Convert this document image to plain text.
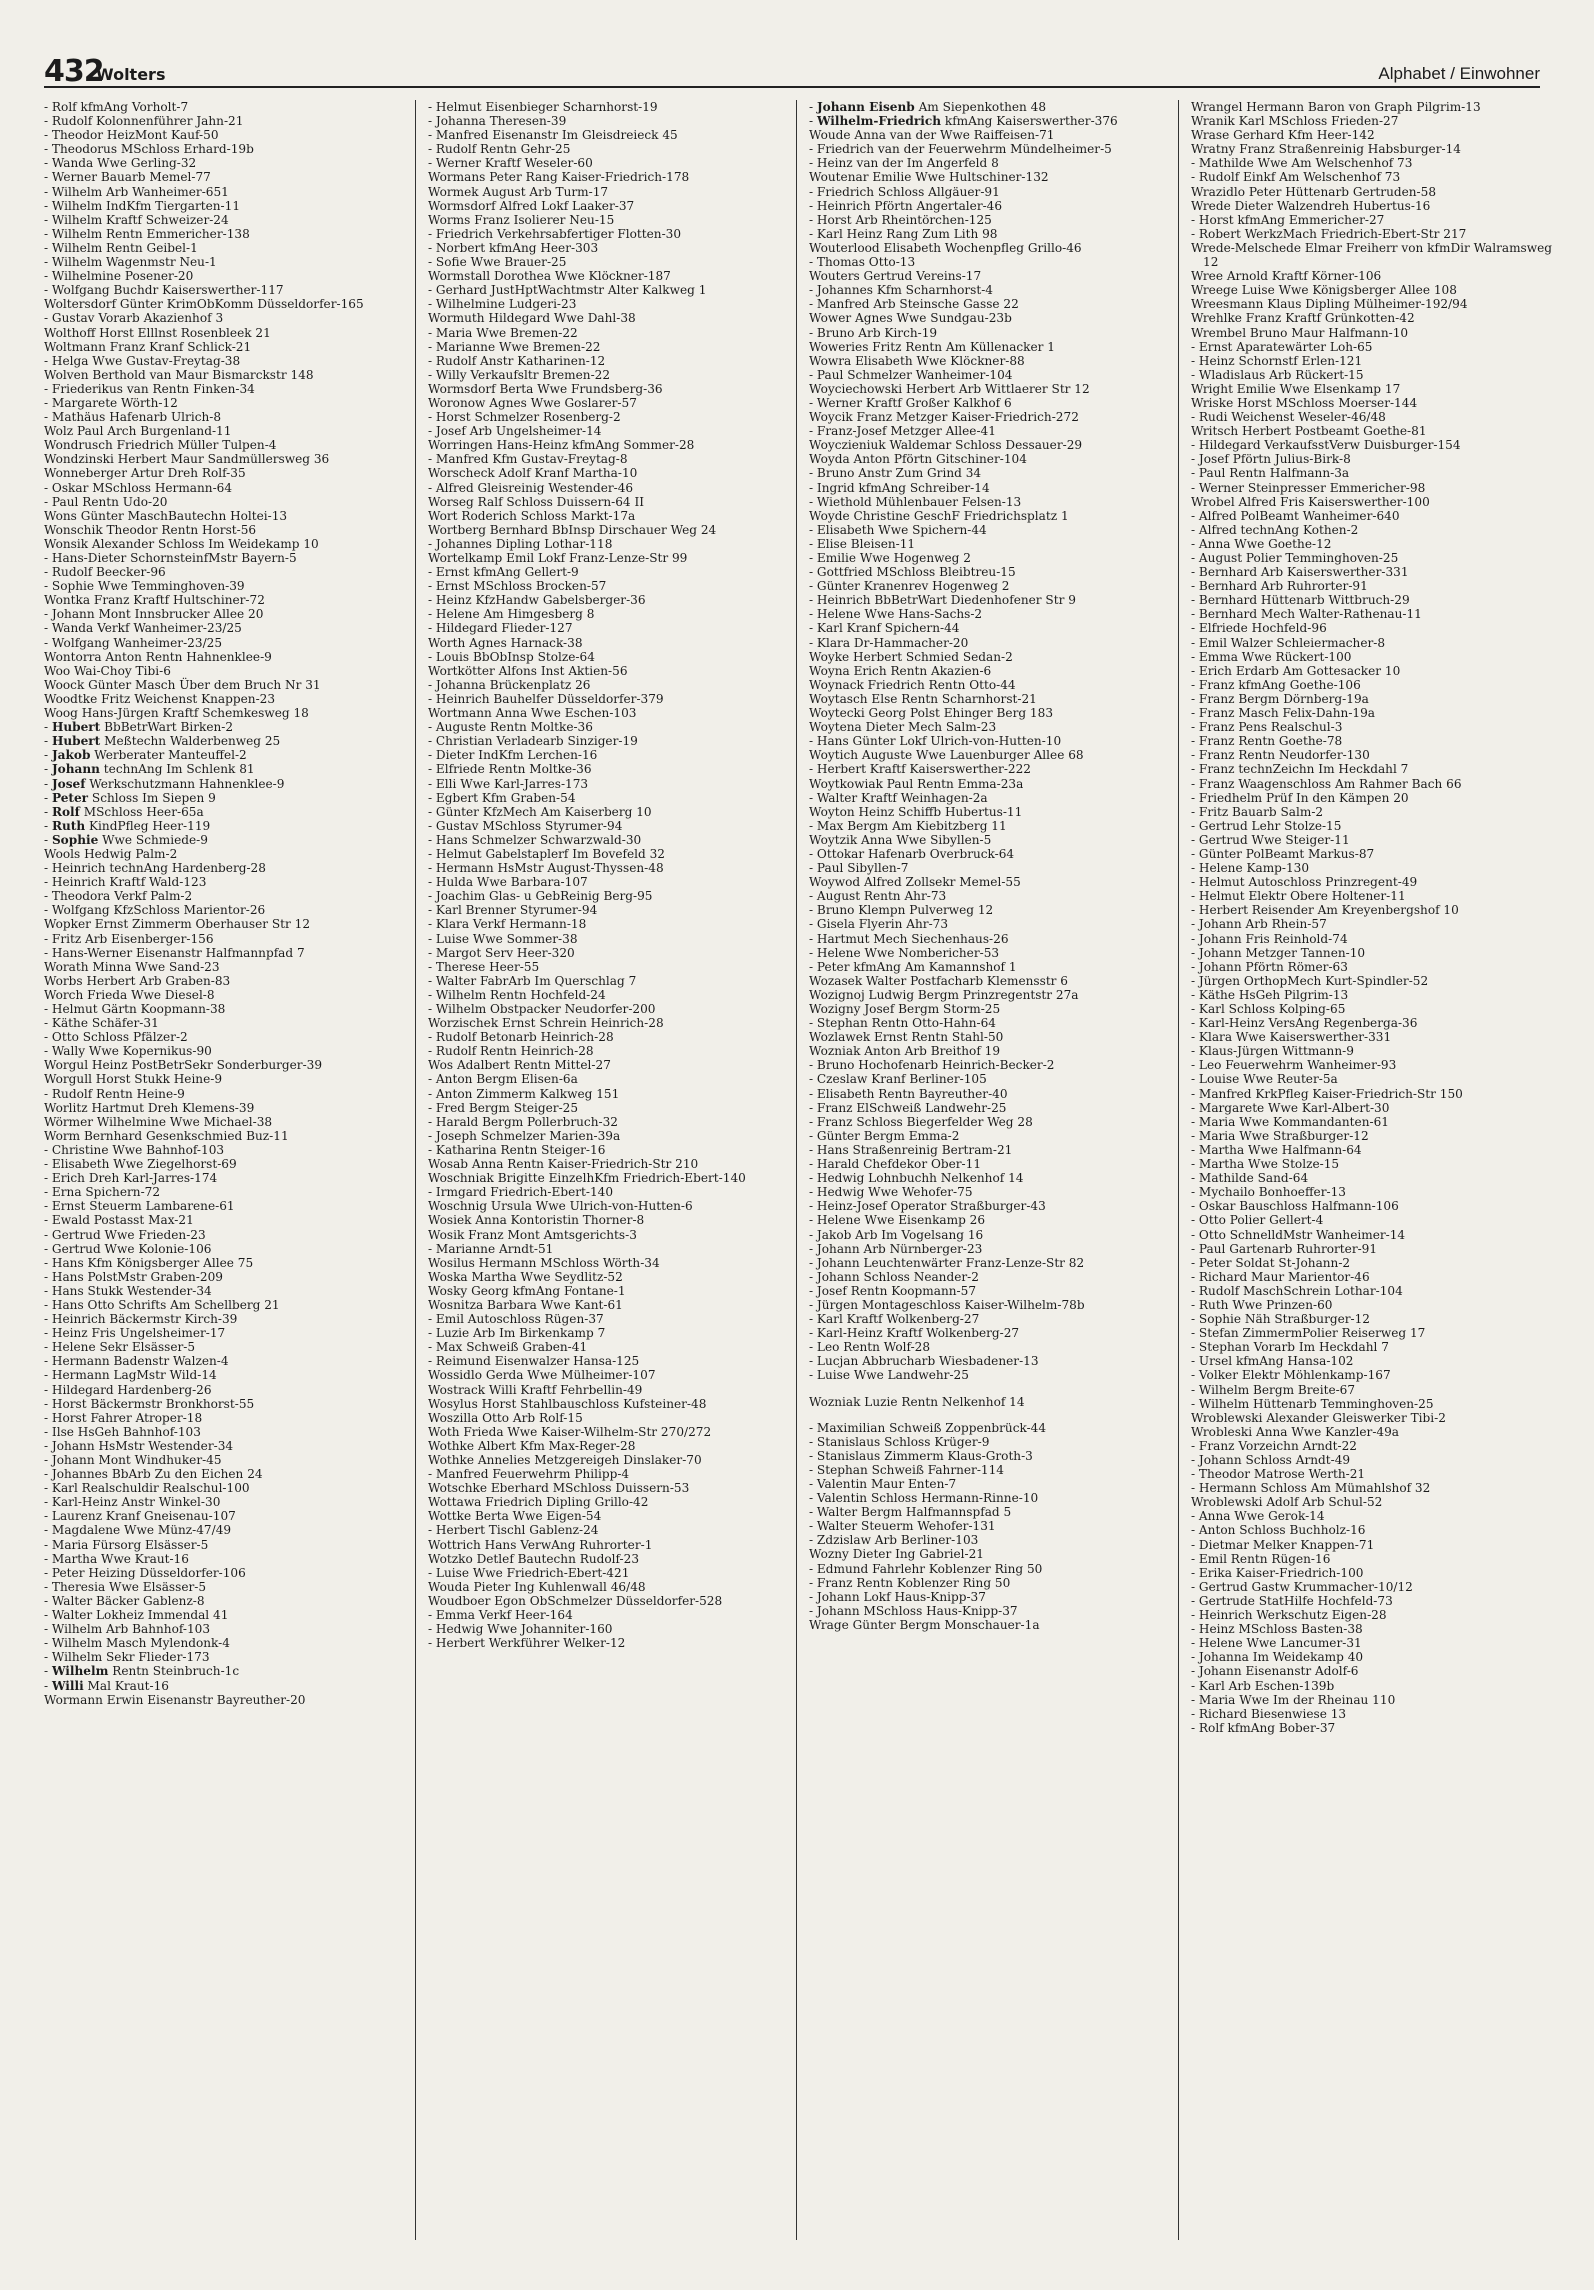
432
Wolters	Alphabet / Einwohner

- Rolf kfmAng Vorholt-7

- Rudolf Kolonnenführer Jahn-21

- Theodor HeizMont Kauf-50

- Theodorus MSchloss Erhard-19b

- Wanda Wwe Gerling-32

- Werner Bauarb Memel-77

- Wilhelm Arb Wanheimer-651

- Wilhelm IndKfm Tiergarten-11

- Wilhelm Kraftf Schweizer-24

- Wilhelm Rentn Emmericher-138

- Wilhelm Rentn Geibel-1

- Wilhelm Wagenmstr Neu-1

- Wilhelmine Posener-20

- Wolfgang Buchdr Kaiserswerther-117

Woltersdorf Günter KrimObKomm Düsseldorfer-165

- Gustav Vorarb Akazienhof 3

Wolthoff Horst Elllnst Rosenbleek 21

Woltmann Franz Kranf Schlick-21

- Helga Wwe Gustav-Freytag-38

Wolven Berthold van Maur Bismarckstr 148

- Friederikus van Rentn Finken-34

- Margarete Wörth-12

- Mathäus Hafenarb Ulrich-8

Wolz Paul Arch Burgenland-11

Wondrusch Friedrich Müller Tulpen-4

Wondzinski Herbert Maur Sandmüllersweg 36

Wonneberger Artur Dreh Rolf-35

- Oskar MSchloss Hermann-64

- Paul Rentn Udo-20

Wons Günter MaschBautechn Holtei-13

Wonschik Theodor Rentn Horst-56

Wonsik Alexander Schloss Im Weidekamp 10

- Hans-Dieter SchornsteinfMstr Bayern-5

- Rudolf Beecker-96

- Sophie Wwe Temminghoven-39

Wontka Franz Kraftf Hultschiner-72

- Johann Mont Innsbrucker Allee 20

- Wanda Verkf Wanheimer-23/25

- Wolfgang Wanheimer-23/25

Wontorra Anton Rentn Hahnenklee-9

Woo Wai-Choy Tibi-6

Woock Günter Masch Über dem Bruch Nr 31

Woodtke Fritz Weichenst Knappen-23

Woog Hans-Jürgen Kraftf Schemkesweg 18

- Hubert BbBetrWart Birken-2

- Hubert Meßtechn Walderbenweg 25

- Jakob Werberater Manteuffel-2

- Johann technAng Im Schlenk 81

- Josef Werkschutzmann Hahnenklee-9

- Peter Schloss Im Siepen 9

- Rolf MSchloss Heer-65a

- Ruth KindPfleg Heer-119

- Sophie Wwe Schmiede-9

Wools Hedwig Palm-2

- Heinrich technAng Hardenberg-28

- Heinrich Kraftf Wald-123

- Theodora Verkf Palm-2

- Wolfgang KfzSchloss Marientor-26

Wopker Ernst Zimmerm Oberhauser Str 12

- Fritz Arb Eisenberger-156

- Hans-Werner Eisenanstr Halfmannpfad 7

Worath Minna Wwe Sand-23

Worbs Herbert Arb Graben-83

Worch Frieda Wwe Diesel-8

- Helmut Gärtn Koopmann-38

- Käthe Schäfer-31

- Otto Schloss Pfälzer-2

- Wally Wwe Kopernikus-90

Worgul Heinz PostBetrSekr Sonderburger-39

Worgull Horst Stukk Heine-9

- Rudolf Rentn Heine-9

Worlitz Hartmut Dreh Klemens-39

Wörmer Wilhelmine Wwe Michael-38

Worm Bernhard Gesenkschmied Buz-11

- Christine Wwe Bahnhof-103

- Elisabeth Wwe Ziegelhorst-69

- Erich Dreh Karl-Jarres-174

- Erna Spichern-72

- Ernst Steuerm Lambarene-61

- Ewald Postasst Max-21

- Gertrud Wwe Frieden-23

- Gertrud Wwe Kolonie-106

- Hans Kfm Königsberger Allee 75

- Hans PolstMstr Graben-209

- Hans Stukk Westender-34

- Hans Otto Schrifts Am Schellberg 21

- Heinrich Bäckermstr Kirch-39

- Heinz Fris Ungelsheimer-17

- Helene Sekr Elsässer-5

- Hermann Badenstr Walzen-4

- Hermann LagMstr Wild-14

- Hildegard Hardenberg-26

- Horst Bäckermstr Bronkhorst-55

- Horst Fahrer Atroper-18

- Ilse HsGeh Bahnhof-103

- Johann HsMstr Westender-34

- Johann Mont Windhuker-45

- Johannes BbArb Zu den Eichen 24

- Karl Realschuldir Realschul-100

- Karl-Heinz Anstr Winkel-30

- Laurenz Kranf Gneisenau-107

- Magdalene Wwe Münz-47/49

- Maria Fürsorg Elsässer-5

- Martha Wwe Kraut-16

- Peter Heizing Düsseldorfer-106

- Theresia Wwe Elsässer-5

- Walter Bäcker Gablenz-8

- Walter Lokheiz Immendal 41

- Wilhelm Arb Bahnhof-103

- Wilhelm Masch Mylendonk-4

- Wilhelm Sekr Flieder-173

- Wilhelm Rentn Steinbruch-1c

- Willi Mal Kraut-16

Wormann Erwin Eisenanstr Bayreuther-20

- Helmut Eisenbieger Scharnhorst-19

- Johanna Theresen-39

- Manfred Eisenanstr Im Gleisdreieck 45

- Rudolf Rentn Gehr-25

- Werner Kraftf Weseler-60

Wormans Peter Rang Kaiser-Friedrich-178

Wormek August Arb Turm-17

Wormsdorf Alfred Lokf Laaker-37

Worms Franz Isolierer Neu-15

- Friedrich Verkehrsabfertiger Flotten-30

- Norbert kfmAng Heer-303

- Sofie Wwe Brauer-25

Wormstall Dorothea Wwe Klöckner-187

- Gerhard JustHptWachtmstr Alter Kalkweg 1

- Wilhelmine Ludgeri-23

Wormuth Hildegard Wwe Dahl-38

- Maria Wwe Bremen-22

- Marianne Wwe Bremen-22

- Rudolf Anstr Katharinen-12

- Willy Verkaufsltr Bremen-22

Wormsdorf Berta Wwe Frundsberg-36

Woronow Agnes Wwe Goslarer-57

- Horst Schmelzer Rosenberg-2

- Josef Arb Ungelsheimer-14

Worringen Hans-Heinz kfmAng Sommer-28

- Manfred Kfm Gustav-Freytag-8

Worscheck Adolf Kranf Martha-10

- Alfred Gleisreinig Westender-46

Worseg Ralf Schloss Duissern-64 II

Wort Roderich Schloss Markt-17a

Wortberg Bernhard BbInsp Dirschauer Weg 24

- Johannes Dipling Lothar-118

Wortelkamp Emil Lokf Franz-Lenze-Str 99

- Ernst kfmAng Gellert-9

- Ernst MSchloss Brocken-57

- Heinz KfzHandw Gabelsberger-36

- Helene Am Himgesberg 8

- Hildegard Flieder-127

Worth Agnes Harnack-38

- Louis BbObInsp Stolze-64

Wortkötter Alfons Inst Aktien-56

- Johanna Brückenplatz 26

- Heinrich Bauhelfer Düsseldorfer-379

Wortmann Anna Wwe Eschen-103

- Auguste Rentn Moltke-36

- Christian Verladearb Sinziger-19

- Dieter IndKfm Lerchen-16

- Elfriede Rentn Moltke-36

- Elli Wwe Karl-Jarres-173

- Egbert Kfm Graben-54

- Günter KfzMech Am Kaiserberg 10

- Gustav MSchloss Styrumer-94

- Hans Schmelzer Schwarzwald-30

- Helmut Gabelstaplerf Im Bovefeld 32

- Hermann HsMstr August-Thyssen-48

- Hulda Wwe Barbara-107

- Joachim Glas- u GebReinig Berg-95

- Karl Brenner Styrumer-94

- Klara Verkf Hermann-18

- Luise Wwe Sommer-38

- Margot Serv Heer-320

- Therese Heer-55

- Walter FabrArb Im Querschlag 7

- Wilhelm Rentn Hochfeld-24

- Wilhelm Obstpacker Neudorfer-200

Worzischek Ernst Schrein Heinrich-28

- Rudolf Betonarb Heinrich-28

- Rudolf Rentn Heinrich-28

Wos Adalbert Rentn Mittel-27

- Anton Bergm Elisen-6a

- Anton Zimmerm Kalkweg 151

- Fred Bergm Steiger-25

- Harald Bergm Pollerbruch-32

- Joseph Schmelzer Marien-39a

- Katharina Rentn Steiger-16

Wosab Anna Rentn Kaiser-Friedrich-Str 210

Woschniak Brigitte EinzelhKfm Friedrich-Ebert-140

- Irmgard Friedrich-Ebert-140

Woschnig Ursula Wwe Ulrich-von-Hutten-6

Wosiek Anna Kontoristin Thorner-8

Wosik Franz Mont Amtsgerichts-3

- Marianne Arndt-51

Wosilus Hermann MSchloss Wörth-34

Woska Martha Wwe Seydlitz-52

Wosky Georg kfmAng Fontane-1

Wosnitza Barbara Wwe Kant-61

- Emil Autoschloss Rügen-37

- Luzie Arb Im Birkenkamp 7

- Max Schweiß Graben-41

- Reimund Eisenwalzer Hansa-125

Wossidlo Gerda Wwe Mülheimer-107

Wostrack Willi Kraftf Fehrbellin-49

Wosylus Horst Stahlbauschloss Kufsteiner-48

Woszilla Otto Arb Rolf-15

Woth Frieda Wwe Kaiser-Wilhelm-Str 270/272

Wothke Albert Kfm Max-Reger-28

Wothke Annelies Metzgereigeh Dinslaker-70

- Manfred Feuerwehrm Philipp-4

Wotschke Eberhard MSchloss Duissern-53

Wottawa Friedrich Dipling Grillo-42

Wottke Berta Wwe Eigen-54

- Herbert Tischl Gablenz-24

Wottrich Hans VerwAng Ruhrorter-1

Wotzko Detlef Bautechn Rudolf-23

- Luise Wwe Friedrich-Ebert-421

Wouda Pieter Ing Kuhlenwall 46/48

Woudboer Egon ObSchmelzer Düsseldorfer-528

- Emma Verkf Heer-164

- Hedwig Wwe Johanniter-160

- Herbert Werkführer Welker-12

- Johann Eisenb Am Siepenkothen 48

- Wilhelm-Friedrich kfmAng Kaiserswerther-376

Woude Anna van der Wwe Raiffeisen-71

- Friedrich van der Feuerwehrm Mündelheimer-5

- Heinz van der Im Angerfeld 8

Woutenar Emilie Wwe Hultschiner-132

- Friedrich Schloss Allgäuer-91

- Heinrich Pförtn Angertaler-46

- Horst Arb Rheintörchen-125

- Karl Heinz Rang Zum Lith 98

Wouterlood Elisabeth Wochenpfleg Grillo-46

- Thomas Otto-13

Wouters Gertrud Vereins-17

- Johannes Kfm Scharnhorst-4

- Manfred Arb Steinsche Gasse 22

Wower Agnes Wwe Sundgau-23b

- Bruno Arb Kirch-19

Woweries Fritz Rentn Am Küllenacker 1

Wowra Elisabeth Wwe Klöckner-88

- Paul Schmelzer Wanheimer-104

Woyciechowski Herbert Arb Wittlaerer Str 12

- Werner Kraftf Großer Kalkhof 6

Woycik Franz Metzger Kaiser-Friedrich-272

- Franz-Josef Metzger Allee-41

Woyczieniuk Waldemar Schloss Dessauer-29

Woyda Anton Pförtn Gitschiner-104

- Bruno Anstr Zum Grind 34

- Ingrid kfmAng Schreiber-14

- Wiethold Mühlenbauer Felsen-13

Woyde Christine GeschF Friedrichsplatz 1

- Elisabeth Wwe Spichern-44

- Elise Bleisen-11

- Emilie Wwe Hogenweg 2

- Gottfried MSchloss Bleibtreu-15

- Günter Kranenrev Hogenweg 2

- Heinrich BbBetrWart Diedenhofener Str 9

- Helene Wwe Hans-Sachs-2

- Karl Kranf Spichern-44

- Klara Dr-Hammacher-20

Woyke Herbert Schmied Sedan-2

Woyna Erich Rentn Akazien-6

Woynack Friedrich Rentn Otto-44

Woytasch Else Rentn Scharnhorst-21

Woytecki Georg Polst Ehinger Berg 183

Woytena Dieter Mech Salm-23

- Hans Günter Lokf Ulrich-von-Hutten-10

Woytich Auguste Wwe Lauenburger Allee 68

- Herbert Kraftf Kaiserswerther-222

Woytkowiak Paul Rentn Emma-23a

- Walter Kraftf Weinhagen-2a

Woyton Heinz Schiffb Hubertus-11

- Max Bergm Am Kiebitzberg 11

Woytzik Anna Wwe Sibyllen-5

- Ottokar Hafenarb Overbruck-64

- Paul Sibyllen-7

Woywod Alfred Zollsekr Memel-55

- August Rentn Ahr-73

- Bruno Klempn Pulverweg 12

- Gisela Flyerin Ahr-73

- Hartmut Mech Siechenhaus-26

- Helene Wwe Nombericher-53

- Peter kfmAng Am Kamannshof 1

Wozasek Walter Postfacharb Klemensstr 6

Wozignoj Ludwig Bergm Prinzregentstr 27a

Wozigny Josef Bergm Storm-25

- Stephan Rentn Otto-Hahn-64

Wozlawek Ernst Rentn Stahl-50

Wozniak Anton Arb Breithof 19

- Bruno Hochofenarb Heinrich-Becker-2

- Czeslaw Kranf Berliner-105

- Elisabeth Rentn Bayreuther-40

- Franz ElSchweiß Landwehr-25

- Franz Schloss Biegerfelder Weg 28

- Günter Bergm Emma-2

- Hans Straßenreinig Bertram-21

- Harald Chefdekor Ober-11

- Hedwig Lohnbuchh Nelkenhof 14

- Hedwig Wwe Wehofer-75

- Heinz-Josef Operator Straßburger-43

- Helene Wwe Eisenkamp 26

- Jakob Arb Im Vogelsang 16

- Johann Arb Nürnberger-23

- Johann Leuchtenwärter Franz-Lenze-Str 82

- Johann Schloss Neander-2

- Josef Rentn Koopmann-57

- Jürgen Montageschloss Kaiser-Wilhelm-78b

- Karl Kraftf Wolkenberg-27

- Karl-Heinz Kraftf Wolkenberg-27

- Leo Rentn Wolf-28

- Lucjan Abbrucharb Wiesbadener-13

- Luise Wwe Landwehr-25

Wozniak Luzie Rentn Nelkenhof 14

- Maximilian Schweiß Zoppenbrück-44

- Stanislaus Schloss Krüger-9

- Stanislaus Zimmerm Klaus-Groth-3

- Stephan Schweiß Fahrner-114

- Valentin Maur Enten-7

- Valentin Schloss Hermann-Rinne-10

- Walter Bergm Halfmannspfad 5

- Walter Steuerm Wehofer-131

- Zdzislaw Arb Berliner-103

Wozny Dieter Ing Gabriel-21

- Edmund Fahrlehr Koblenzer Ring 50

- Franz Rentn Koblenzer Ring 50

- Johann Lokf Haus-Knipp-37

- Johann MSchloss Haus-Knipp-37

Wrage Günter Bergm Monschauer-1a

Wrangel Hermann Baron von Graph Pilgrim-13

Wranik Karl MSchloss Frieden-27

Wrase Gerhard Kfm Heer-142

Wratny Franz Straßenreinig Habsburger-14

- Mathilde Wwe Am Welschenhof 73

- Rudolf Einkf Am Welschenhof 73

Wrazidlo Peter Hüttenarb Gertruden-58

Wrede Dieter Walzendreh Hubertus-16

- Horst kfmAng Emmericher-27

- Robert WerkzMach Friedrich-Ebert-Str 217

Wrede-Melschede Elmar Freiherr von kfmDir Walramsweg 12

Wree Arnold Kraftf Körner-106

Wreege Luise Wwe Königsberger Allee 108

Wreesmann Klaus Dipling Mülheimer-192/94

Wrehlke Franz Kraftf Grünkotten-42

Wrembel Bruno Maur Halfmann-10

- Ernst Aparatewärter Loh-65

- Heinz Schornstf Erlen-121

- Wladislaus Arb Rückert-15

Wright Emilie Wwe Elsenkamp 17

Wriske Horst MSchloss Moerser-144

- Rudi Weichenst Weseler-46/48

Writsch Herbert Postbeamt Goethe-81

- Hildegard VerkaufsstVerw Duisburger-154

- Josef Pförtn Julius-Birk-8

- Paul Rentn Halfmann-3a

- Werner Steinpresser Emmericher-98

Wrobel Alfred Fris Kaiserswerther-100

- Alfred PolBeamt Wanheimer-640

- Alfred technAng Kothen-2

- Anna Wwe Goethe-12

- August Polier Temminghoven-25

- Bernhard Arb Kaiserswerther-331

- Bernhard Arb Ruhrorter-91

- Bernhard Hüttenarb Wittbruch-29

- Bernhard Mech Walter-Rathenau-11

- Elfriede Hochfeld-96

- Emil Walzer Schleiermacher-8

- Emma Wwe Rückert-100

- Erich Erdarb Am Gottesacker 10

- Franz kfmAng Goethe-106

- Franz Bergm Dörnberg-19a

- Franz Masch Felix-Dahn-19a

- Franz Pens Realschul-3

- Franz Rentn Goethe-78

- Franz Rentn Neudorfer-130

- Franz technZeichn Im Heckdahl 7

- Franz Waagenschloss Am Rahmer Bach 66

- Friedhelm Prüf In den Kämpen 20

- Fritz Bauarb Salm-2

- Gertrud Lehr Stolze-15

- Gertrud Wwe Steiger-11

- Günter PolBeamt Markus-87

- Helene Kamp-130

- Helmut Autoschloss Prinzregent-49

- Helmut Elektr Obere Holtener-11

- Herbert Reisender Am Kreyenbergshof 10

- Johann Arb Rhein-57

- Johann Fris Reinhold-74

- Johann Metzger Tannen-10

- Johann Pförtn Römer-63

- Jürgen OrthopMech Kurt-Spindler-52

- Käthe HsGeh Pilgrim-13

- Karl Schloss Kolping-65

- Karl-Heinz VersAng Regenberga-36

- Klara Wwe Kaiserswerther-331

- Klaus-Jürgen Wittmann-9

- Leo Feuerwehrm Wanheimer-93

- Louise Wwe Reuter-5a

- Manfred KrkPfleg Kaiser-Friedrich-Str 150

- Margarete Wwe Karl-Albert-30

- Maria Wwe Kommandanten-61

- Maria Wwe Straßburger-12

- Martha Wwe Halfmann-64

- Martha Wwe Stolze-15

- Mathilde Sand-64

- Mychailo Bonhoeffer-13

- Oskar Bauschloss Halfmann-106

- Otto Polier Gellert-4

- Otto SchnelldMstr Wanheimer-14

- Paul Gartenarb Ruhrorter-91

- Peter Soldat St-Johann-2

- Richard Maur Marientor-46

- Rudolf MaschSchrein Lothar-104

- Ruth Wwe Prinzen-60

- Sophie Näh Straßburger-12

- Stefan ZimmermPolier Reiserweg 17

- Stephan Vorarb Im Heckdahl 7

- Ursel kfmAng Hansa-102

- Volker Elektr Möhlenkamp-167

- Wilhelm Bergm Breite-67

- Wilhelm Hüttenarb Temminghoven-25

Wroblewski Alexander Gleiswerker Tibi-2

Wrobleski Anna Wwe Kanzler-49a

- Franz Vorzeichn Arndt-22

- Johann Schloss Arndt-49

- Theodor Matrose Werth-21

- Hermann Schloss Am Mümahlshof 32

Wroblewski Adolf Arb Schul-52

- Anna Wwe Gerok-14

- Anton Schloss Buchholz-16

- Dietmar Melker Knappen-71

- Emil Rentn Rügen-16

- Erika Kaiser-Friedrich-100

- Gertrud Gastw Krummacher-10/12

- Gertrude StatHilfe Hochfeld-73

- Heinrich Werkschutz Eigen-28

- Heinz MSchloss Basten-38

- Helene Wwe Lancumer-31

- Johanna Im Weidekamp 40

- Johann Eisenanstr Adolf-6

- Karl Arb Eschen-139b

- Maria Wwe Im der Rheinau 110

- Richard Biesenwiese 13

- Rolf kfmAng Bober-37
